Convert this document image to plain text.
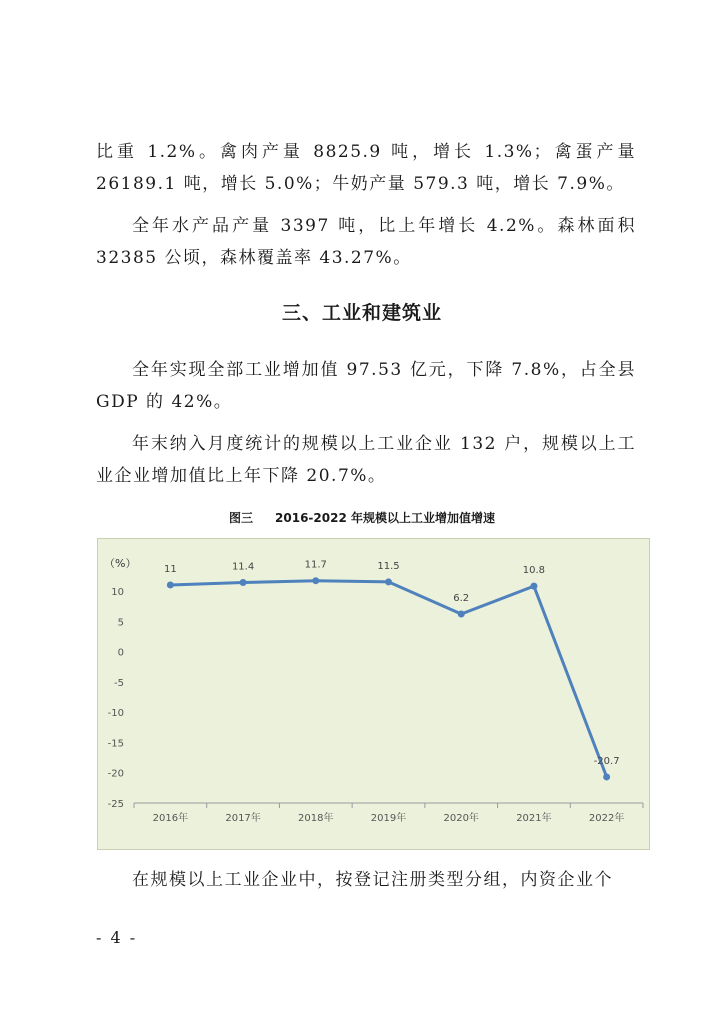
比重 1.2%。禽肉产量 8825.9 吨，增长 1.3%；禽蛋产量 26189.1 吨，增长 5.0%；牛奶产量 579.3 吨，增长 7.9%。

全年水产品产量 3397 吨，比上年增长 4.2%。森林面积 32385 公顷，森林覆盖率 43.27%。

三、工业和建筑业

全年实现全部工业增加值 97.53 亿元，下降 7.8%，占全县 GDP 的 42%。

年末纳入月度统计的规模以上工业企业 132 户，规模以上工业企业增加值比上年下降 20.7%。

图三 2016-2022 年规模以上工业增加值增速
（%）
10
5
0
-5
-10
-15
-20
-25
2016年	2017年	2018年	2019年	2020年	2021年	2022年
11	11.4	11.7	11.5
6.2
10.8
-20.7

在规模以上工业企业中，按登记注册类型分组，内资企业个

- 4 -
